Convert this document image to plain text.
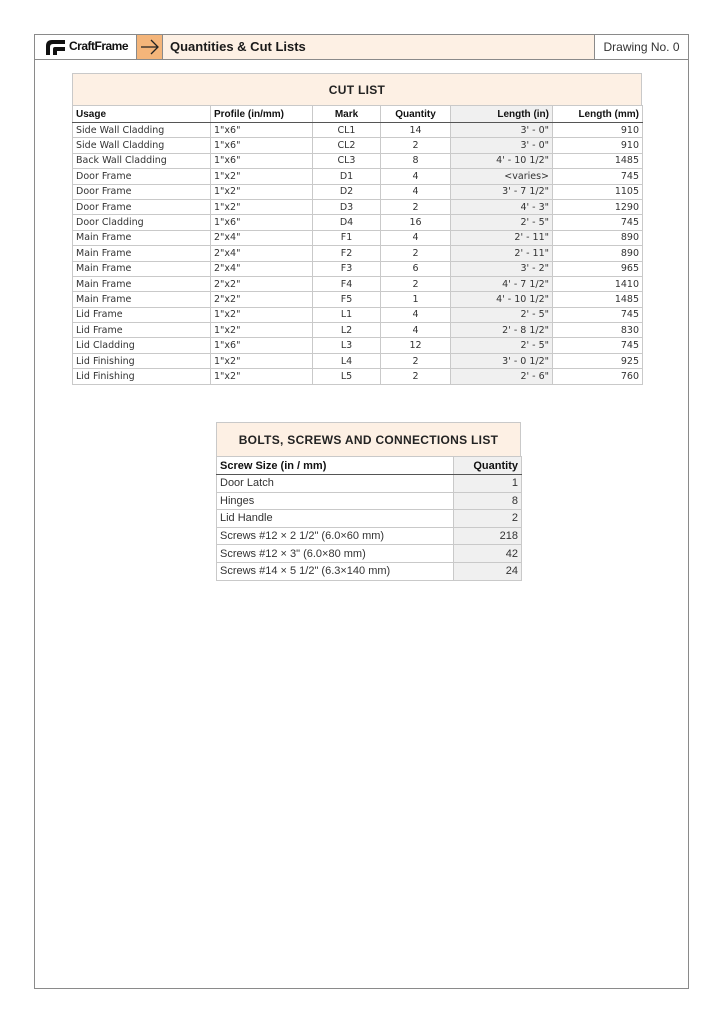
CraftFrame	Quantities & Cut Lists	Drawing No. 0
CUT LIST
Usage	Profile (in/mm)	Mark	Quantity	Length (in)	Length (mm)
Side Wall Cladding	1"x6"	CL1	14	3' - 0"	910
Side Wall Cladding	1"x6"	CL2	2	3' - 0"	910
Back Wall Cladding	1"x6"	CL3	8	4' - 10 1/2"	1485
Door Frame	1"x2"	D1	4	<varies>	745
Door Frame	1"x2"	D2	4	3' - 7 1/2"	1105
Door Frame	1"x2"	D3	2	4' - 3"	1290
Door Cladding	1"x6"	D4	16	2' - 5"	745
Main Frame	2"x4"	F1	4	2' - 11"	890
Main Frame	2"x4"	F2	2	2' - 11"	890
Main Frame	2"x4"	F3	6	3' - 2"	965
Main Frame	2"x2"	F4	2	4' - 7 1/2"	1410
Main Frame	2"x2"	F5	1	4' - 10 1/2"	1485
Lid Frame	1"x2"	L1	4	2' - 5"	745
Lid Frame	1"x2"	L2	4	2' - 8 1/2"	830
Lid Cladding	1"x6"	L3	12	2' - 5"	745
Lid Finishing	1"x2"	L4	2	3' - 0 1/2"	925
Lid Finishing	1"x2"	L5	2	2' - 6"	760
BOLTS, SCREWS AND CONNECTIONS LIST
Screw Size (in / mm)	Quantity
Door Latch	1
Hinges	8
Lid Handle	2
Screws #12 × 2 1/2" (6.0×60 mm)	218
Screws #12 × 3" (6.0×80 mm)	42
Screws #14 × 5 1/2" (6.3×140 mm)	24
